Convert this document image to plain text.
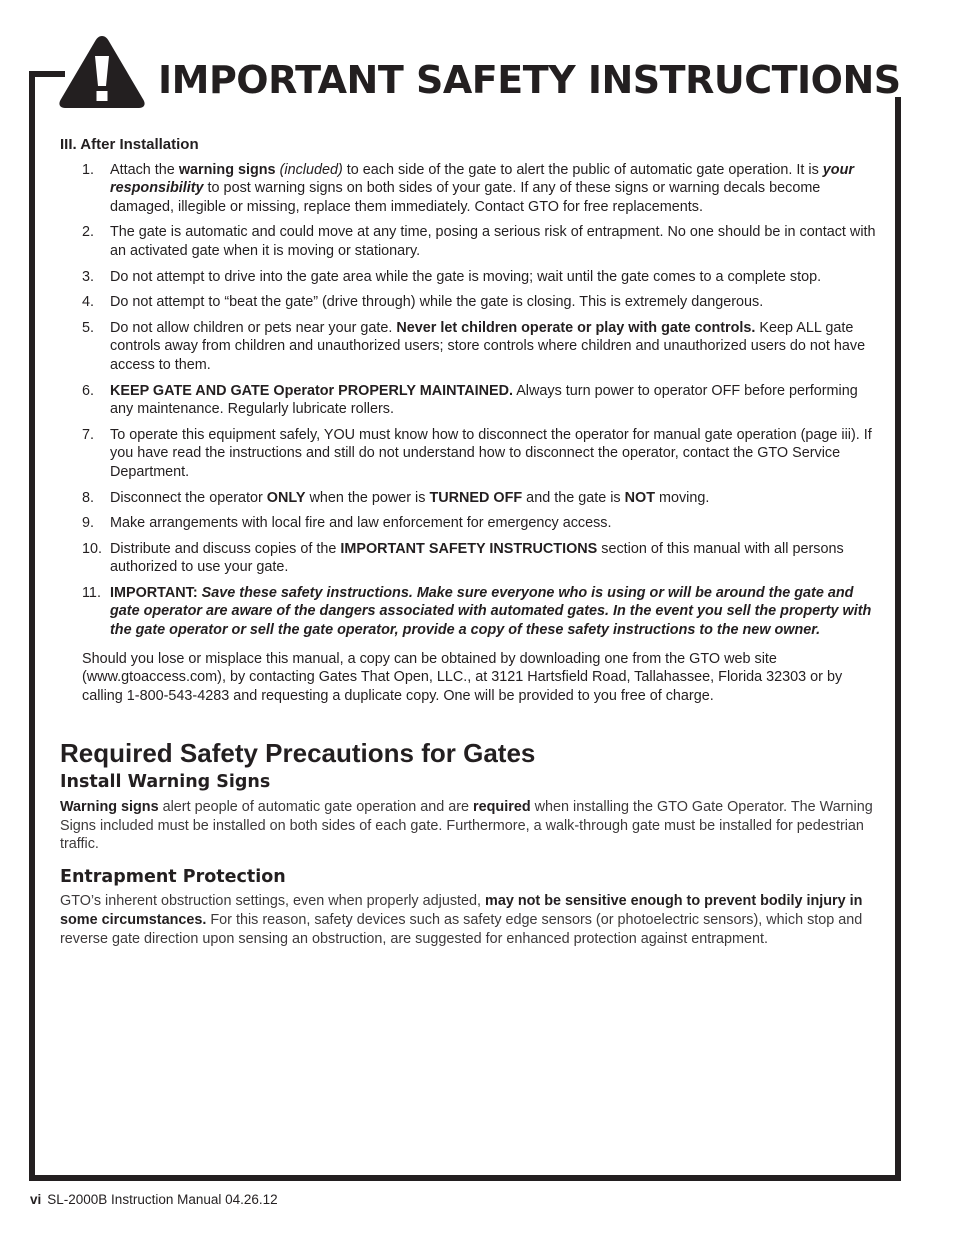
IMPORTANT SAFETY INSTRUCTIONS
III. After Installation
1.	Attach the warning signs (included) to each side of the gate to alert the public of automatic gate operation. It is your responsibility to post warning signs on both sides of your gate. If any of these signs or warning decals become damaged, illegible or missing, replace them immediately. Contact GTO for free replacements.
2.	The gate is automatic and could move at any time, posing a serious risk of entrapment. No one should be in contact with an activated gate when it is moving or stationary.
3.	Do not attempt to drive into the gate area while the gate is moving; wait until the gate comes to a complete stop.
4.	Do not attempt to “beat the gate” (drive through) while the gate is closing. This is extremely dangerous.
5.	Do not allow children or pets near your gate. Never let children operate or play with gate controls. Keep ALL gate controls away from children and unauthorized users; store controls where children and unauthorized users do not have access to them.
6.	KEEP GATE AND GATE Operator PROPERLY MAINTAINED. Always turn power to operator OFF before performing any maintenance. Regularly lubricate rollers.
7.	To operate this equipment safely, YOU must know how to disconnect the operator for manual gate operation (page iii). If you have read the instructions and still do not understand how to disconnect the operator, contact the GTO Service Department.
8.	Disconnect the operator ONLY when the power is TURNED OFF and the gate is NOT moving.
9.	Make arrangements with local fire and law enforcement for emergency access.
10. Distribute and discuss copies of the IMPORTANT SAFETY INSTRUCTIONS section of this manual with all persons authorized to use your gate.
11. IMPORTANT: Save these safety instructions. Make sure everyone who is using or will be around the gate and gate operator are aware of the dangers associated with automated gates. In the event you sell the property with the gate operator or sell the gate operator, provide a copy of these safety instructions to the new owner.

Should you lose or misplace this manual, a copy can be obtained by downloading one from the GTO web site (www.gtoaccess.com), by contacting Gates That Open, LLC., at 3121 Hartsfield Road, Tallahassee, Florida 32303 or by calling 1-800-543-4283 and requesting a duplicate copy. One will be provided to you free of charge.

Required Safety Precautions for Gates
Install Warning Signs

Warning signs alert people of automatic gate operation and are required when installing the GTO Gate Operator. The Warning Signs included must be installed on both sides of each gate. Furthermore, a walk-through gate must be installed for pedestrian traffic.

Entrapment Protection

GTO’s inherent obstruction settings, even when properly adjusted, may not be sensitive enough to prevent bodily injury in some circumstances. For this reason, safety devices such as safety edge sensors (or photoelectric sensors), which stop and reverse gate direction upon sensing an obstruction, are suggested for enhanced protection against entrapment.

vi SL-2000B Instruction Manual 04.26.12
